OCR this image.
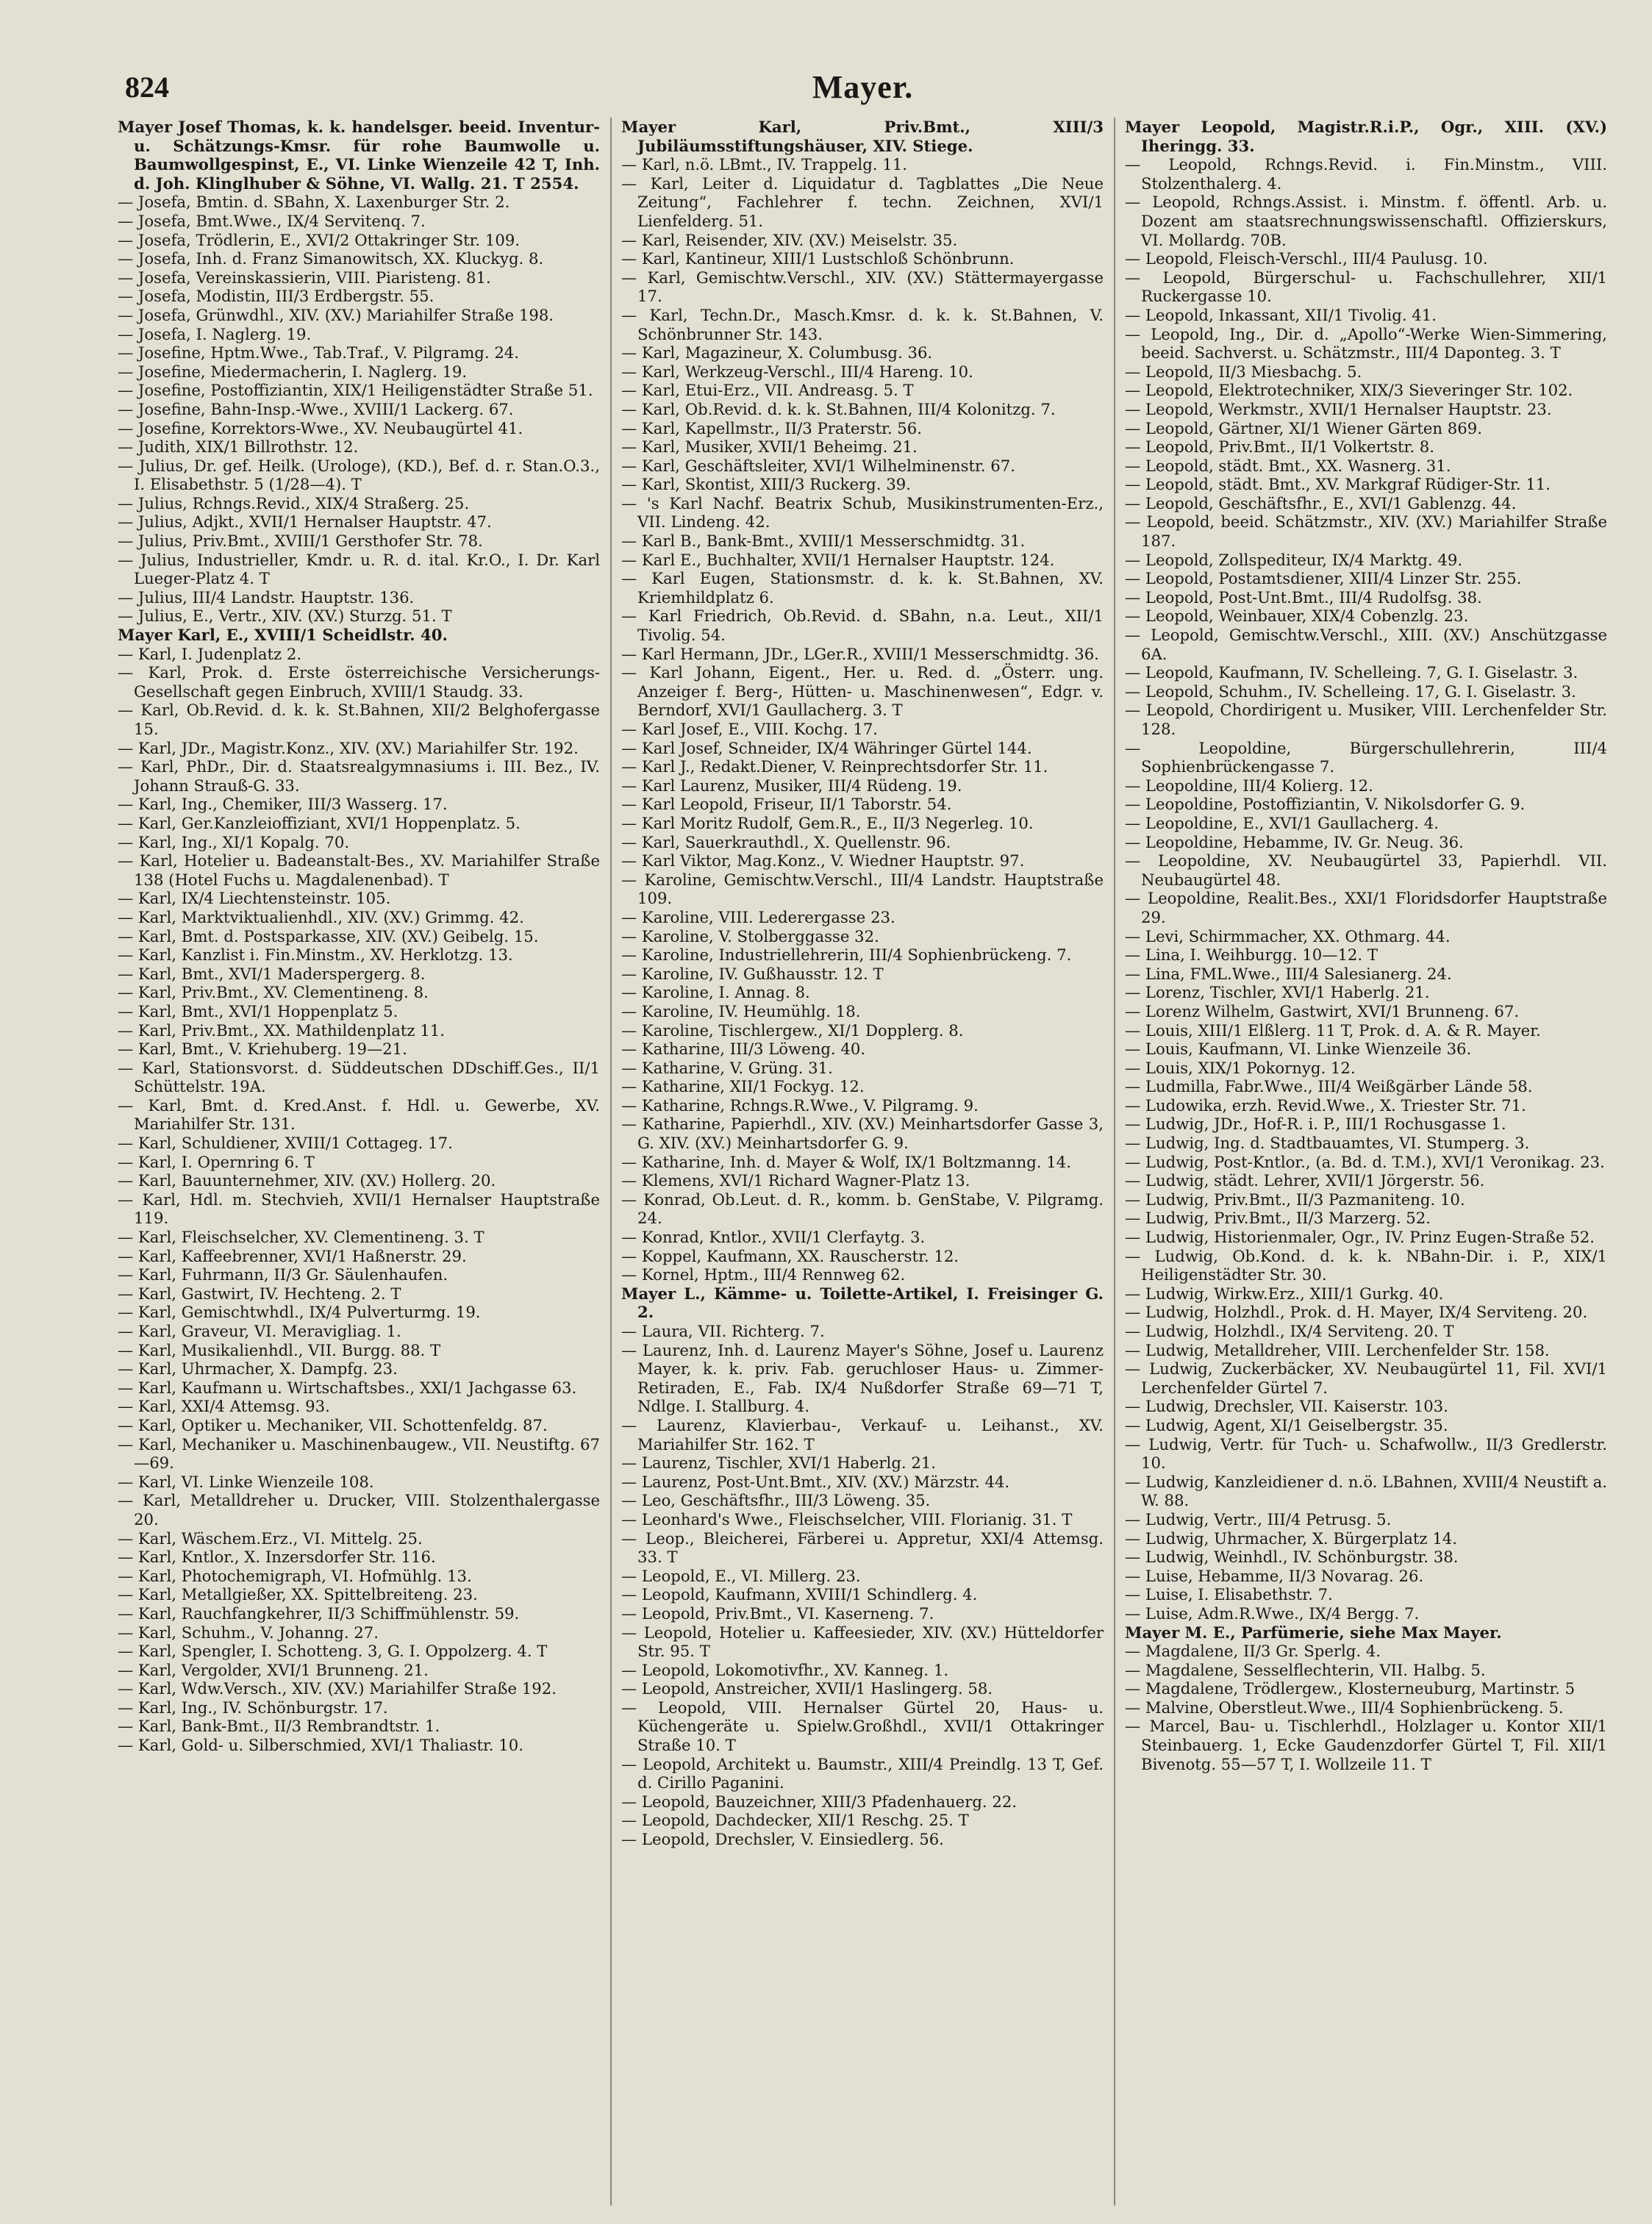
824	Mayer.

Mayer Josef Thomas, k. k. handelsger. beeid. Inventur- u. Schätzungs-Kmsr. für rohe Baumwolle u. Baumwollgespinst, E., VI. Linke Wienzeile 42 T, Inh. d. Joh. Klinglhuber & Söhne, VI. Wallg. 21. T 2554.

— Josefa, Bmtin. d. SBahn, X. Laxenburger Str. 2.

— Josefa, Bmt.Wwe., IX/4 Servitenq. 7.

— Josefa, Trödlerin, E., XVI/2 Ottakringer Str. 109.

— Josefa, Inh. d. Franz Simanowitsch, XX. Kluckyg. 8.

— Josefa, Vereinskassierin, VIII. Piaristeng. 81.

— Josefa, Modistin, III/3 Erdbergstr. 55.

— Josefa, Grünwdhl., XIV. (XV.) Mariahilfer Straße 198.

— Josefa, I. Naglerg. 19.

— Josefine, Hptm.Wwe., Tab.Traf., V. Pilgramg. 24.

— Josefine, Miedermacherin, I. Naglerg. 19.

— Josefine, Postoffiziantin, XIX/1 Heiligenstädter Straße 51.

— Josefine, Bahn-Insp.-Wwe., XVIII/1 Lackerg. 67.

— Josefine, Korrektors-Wwe., XV. Neubaugürtel 41.

— Judith, XIX/1 Billrothstr. 12.

— Julius, Dr. gef. Heilk. (Urologe), (KD.), Bef. d. r. Stan.O.3., I. Elisabethstr. 5 (1/28—4). T

— Julius, Rchngs.Revid., XIX/4 Straßerg. 25.

— Julius, Adjkt., XVII/1 Hernalser Hauptstr. 47.

— Julius, Priv.Bmt., XVIII/1 Gersthofer Str. 78.

— Julius, Industrieller, Kmdr. u. R. d. ital. Kr.O., I. Dr. Karl Lueger-Platz 4. T

— Julius, III/4 Landstr. Hauptstr. 136.

— Julius, E., Vertr., XIV. (XV.) Sturzg. 51. T

Mayer Karl, E., XVIII/1 Scheidlstr. 40.

— Karl, I. Judenplatz 2.

— Karl, Prok. d. Erste österreichische Versicherungs-Gesellschaft gegen Einbruch, XVIII/1 Staudg. 33.

— Karl, Ob.Revid. d. k. k. St.Bahnen, XII/2 Belghofergasse 15.

— Karl, JDr., Magistr.Konz., XIV. (XV.) Mariahilfer Str. 192.

— Karl, PhDr., Dir. d. Staatsrealgymnasiums i. III. Bez., IV. Johann Strauß-G. 33.

— Karl, Ing., Chemiker, III/3 Wasserg. 17.

— Karl, Ger.Kanzleioffiziant, XVI/1 Hoppenplatz. 5.

— Karl, Ing., XI/1 Kopalg. 70.

— Karl, Hotelier u. Badeanstalt-Bes., XV. Mariahilfer Straße 138 (Hotel Fuchs u. Magdalenenbad). T

— Karl, IX/4 Liechtensteinstr. 105.

— Karl, Marktviktualienhdl., XIV. (XV.) Grimmg. 42.

— Karl, Bmt. d. Postsparkasse, XIV. (XV.) Geibelg. 15.

— Karl, Kanzlist i. Fin.Minstm., XV. Herklotzg. 13.

— Karl, Bmt., XVI/1 Maderspergerg. 8.

— Karl, Priv.Bmt., XV. Clementineng. 8.

— Karl, Bmt., XVI/1 Hoppenplatz 5.

— Karl, Priv.Bmt., XX. Mathildenplatz 11.

— Karl, Bmt., V. Kriehuberg. 19—21.

— Karl, Stationsvorst. d. Süddeutschen DDschiff.Ges., II/1 Schüttelstr. 19A.

— Karl, Bmt. d. Kred.Anst. f. Hdl. u. Gewerbe, XV. Mariahilfer Str. 131.

— Karl, Schuldiener, XVIII/1 Cottageg. 17.

— Karl, I. Opernring 6. T

— Karl, Bauunternehmer, XIV. (XV.) Hollerg. 20.

— Karl, Hdl. m. Stechvieh, XVII/1 Hernalser Hauptstraße 119.

— Karl, Fleischselcher, XV. Clementineng. 3. T

— Karl, Kaffeebrenner, XVI/1 Haßnerstr. 29.

— Karl, Fuhrmann, II/3 Gr. Säulenhaufen.

— Karl, Gastwirt, IV. Hechteng. 2. T

— Karl, Gemischtwhdl., IX/4 Pulverturmg. 19.

— Karl, Graveur, VI. Meravigliag. 1.

— Karl, Musikalienhdl., VII. Burgg. 88. T

— Karl, Uhrmacher, X. Dampfg. 23.

— Karl, Kaufmann u. Wirtschaftsbes., XXI/1 Jachgasse 63.

— Karl, XXI/4 Attemsg. 93.

— Karl, Optiker u. Mechaniker, VII. Schottenfeldg. 87.

— Karl, Mechaniker u. Maschinenbaugew., VII. Neustiftg. 67—69.

— Karl, VI. Linke Wienzeile 108.

— Karl, Metalldreher u. Drucker, VIII. Stolzenthalergasse 20.

— Karl, Wäschem.Erz., VI. Mittelg. 25.

— Karl, Kntlor., X. Inzersdorfer Str. 116.

— Karl, Photochemigraph, VI. Hofmühlg. 13.

— Karl, Metallgießer, XX. Spittelbreiteng. 23.

— Karl, Rauchfangkehrer, II/3 Schiffmühlenstr. 59.

— Karl, Schuhm., V. Johanng. 27.

— Karl, Spengler, I. Schotteng. 3, G. I. Oppolzerg. 4. T

— Karl, Vergolder, XVI/1 Brunneng. 21.

— Karl, Wdw.Versch., XIV. (XV.) Mariahilfer Straße 192.

— Karl, Ing., IV. Schönburgstr. 17.

— Karl, Bank-Bmt., II/3 Rembrandtstr. 1.

— Karl, Gold- u. Silberschmied, XVI/1 Thaliastr. 10.

Mayer Karl, Priv.Bmt., XIII/3 Jubiläumsstiftungshäuser, XIV. Stiege.

— Karl, n.ö. LBmt., IV. Trappelg. 11.

— Karl, Leiter d. Liquidatur d. Tagblattes „Die Neue Zeitung“, Fachlehrer f. techn. Zeichnen, XVI/1 Lienfelderg. 51.

— Karl, Reisender, XIV. (XV.) Meiselstr. 35.

— Karl, Kantineur, XIII/1 Lustschloß Schönbrunn.

— Karl, Gemischtw.Verschl., XIV. (XV.) Stättermayergasse 17.

— Karl, Techn.Dr., Masch.Kmsr. d. k. k. St.Bahnen, V. Schönbrunner Str. 143.

— Karl, Magazineur, X. Columbusg. 36.

— Karl, Werkzeug-Verschl., III/4 Hareng. 10.

— Karl, Etui-Erz., VII. Andreasg. 5. T

— Karl, Ob.Revid. d. k. k. St.Bahnen, III/4 Kolonitzg. 7.

— Karl, Kapellmstr., II/3 Praterstr. 56.

— Karl, Musiker, XVII/1 Beheimg. 21.

— Karl, Geschäftsleiter, XVI/1 Wilhelminenstr. 67.

— Karl, Skontist, XIII/3 Ruckerg. 39.

— 's Karl Nachf. Beatrix Schub, Musikinstrumenten-Erz., VII. Lindeng. 42.

— Karl B., Bank-Bmt., XVIII/1 Messerschmidtg. 31.

— Karl E., Buchhalter, XVII/1 Hernalser Hauptstr. 124.

— Karl Eugen, Stationsmstr. d. k. k. St.Bahnen, XV. Kriemhildplatz 6.

— Karl Friedrich, Ob.Revid. d. SBahn, n.a. Leut., XII/1 Tivolig. 54.

— Karl Hermann, JDr., LGer.R., XVIII/1 Messerschmidtg. 36.

— Karl Johann, Eigent., Her. u. Red. d. „Österr. ung. Anzeiger f. Berg-, Hütten- u. Maschinenwesen“, Edgr. v. Berndorf, XVI/1 Gaullacherg. 3. T

— Karl Josef, E., VIII. Kochg. 17.

— Karl Josef, Schneider, IX/4 Währinger Gürtel 144.

— Karl J., Redakt.Diener, V. Reinprechtsdorfer Str. 11.

— Karl Laurenz, Musiker, III/4 Rüdeng. 19.

— Karl Leopold, Friseur, II/1 Taborstr. 54.

— Karl Moritz Rudolf, Gem.R., E., II/3 Negerleg. 10.

— Karl, Sauerkrauthdl., X. Quellenstr. 96.

— Karl Viktor, Mag.Konz., V. Wiedner Hauptstr. 97.

— Karoline, Gemischtw.Verschl., III/4 Landstr. Hauptstraße 109.

— Karoline, VIII. Lederergasse 23.

— Karoline, V. Stolberggasse 32.

— Karoline, Industriellehrerin, III/4 Sophienbrückeng. 7.

— Karoline, IV. Gußhausstr. 12. T

— Karoline, I. Annag. 8.

— Karoline, IV. Heumühlg. 18.

— Karoline, Tischlergew., XI/1 Dopplerg. 8.

— Katharine, III/3 Löweng. 40.

— Katharine, V. Grüng. 31.

— Katharine, XII/1 Fockyg. 12.

— Katharine, Rchngs.R.Wwe., V. Pilgramg. 9.

— Katharine, Papierhdl., XIV. (XV.) Meinhartsdorfer Gasse 3, G. XIV. (XV.) Meinhartsdorfer G. 9.

— Katharine, Inh. d. Mayer & Wolf, IX/1 Boltzmanng. 14.

— Klemens, XVI/1 Richard Wagner-Platz 13.

— Konrad, Ob.Leut. d. R., komm. b. GenStabe, V. Pilgramg. 24.

— Konrad, Kntlor., XVII/1 Clerfaytg. 3.

— Koppel, Kaufmann, XX. Rauscherstr. 12.

— Kornel, Hptm., III/4 Rennweg 62.

Mayer L., Kämme- u. Toilette-Artikel, I. Freisinger G. 2.

— Laura, VII. Richterg. 7.

— Laurenz, Inh. d. Laurenz Mayer's Söhne, Josef u. Laurenz Mayer, k. k. priv. Fab. geruchloser Haus- u. Zimmer-Retiraden, E., Fab. IX/4 Nußdorfer Straße 69—71 T, Ndlge. I. Stallburg. 4.

— Laurenz, Klavierbau-, Verkauf- u. Leihanst., XV. Mariahilfer Str. 162. T

— Laurenz, Tischler, XVI/1 Haberlg. 21.

— Laurenz, Post-Unt.Bmt., XIV. (XV.) Märzstr. 44.

— Leo, Geschäftsfhr., III/3 Löweng. 35.

— Leonhard's Wwe., Fleischselcher, VIII. Florianig. 31. T

— Leop., Bleicherei, Färberei u. Appretur, XXI/4 Attemsg. 33. T

— Leopold, E., VI. Millerg. 23.

— Leopold, Kaufmann, XVIII/1 Schindlerg. 4.

— Leopold, Priv.Bmt., VI. Kaserneng. 7.

— Leopold, Hotelier u. Kaffeesieder, XIV. (XV.) Hütteldorfer Str. 95. T

— Leopold, Lokomotivfhr., XV. Kanneg. 1.

— Leopold, Anstreicher, XVII/1 Haslingerg. 58.

— Leopold, VIII. Hernalser Gürtel 20, Haus- u. Küchengeräte u. Spielw.Großhdl., XVII/1 Ottakringer Straße 10. T

— Leopold, Architekt u. Baumstr., XIII/4 Preindlg. 13 T, Gef. d. Cirillo Paganini.

— Leopold, Bauzeichner, XIII/3 Pfadenhauerg. 22.

— Leopold, Dachdecker, XII/1 Reschg. 25. T

— Leopold, Drechsler, V. Einsiedlerg. 56.

Mayer Leopold, Magistr.R.i.P., Ogr., XIII. (XV.) Iheringg. 33.

— Leopold, Rchngs.Revid. i. Fin.Minstm., VIII. Stolzenthalerg. 4.

— Leopold, Rchngs.Assist. i. Minstm. f. öffentl. Arb. u. Dozent am staatsrechnungswissenschaftl. Offizierskurs, VI. Mollardg. 70B.

— Leopold, Fleisch-Verschl., III/4 Paulusg. 10.

— Leopold, Bürgerschul- u. Fachschullehrer, XII/1 Ruckergasse 10.

— Leopold, Inkassant, XII/1 Tivolig. 41.

— Leopold, Ing., Dir. d. „Apollo“-Werke Wien-Simmering, beeid. Sachverst. u. Schätzmstr., III/4 Daponteg. 3. T

— Leopold, II/3 Miesbachg. 5.

— Leopold, Elektrotechniker, XIX/3 Sieveringer Str. 102.

— Leopold, Werkmstr., XVII/1 Hernalser Hauptstr. 23.

— Leopold, Gärtner, XI/1 Wiener Gärten 869.

— Leopold, Priv.Bmt., II/1 Volkertstr. 8.

— Leopold, städt. Bmt., XX. Wasnerg. 31.

— Leopold, städt. Bmt., XV. Markgraf Rüdiger-Str. 11.

— Leopold, Geschäftsfhr., E., XVI/1 Gablenzg. 44.

— Leopold, beeid. Schätzmstr., XIV. (XV.) Mariahilfer Straße 187.

— Leopold, Zollspediteur, IX/4 Marktg. 49.

— Leopold, Postamtsdiener, XIII/4 Linzer Str. 255.

— Leopold, Post-Unt.Bmt., III/4 Rudolfsg. 38.

— Leopold, Weinbauer, XIX/4 Cobenzlg. 23.

— Leopold, Gemischtw.Verschl., XIII. (XV.) Anschützgasse 6A.

— Leopold, Kaufmann, IV. Schelleing. 7, G. I. Giselastr. 3.

— Leopold, Schuhm., IV. Schelleing. 17, G. I. Giselastr. 3.

— Leopold, Chordirigent u. Musiker, VIII. Lerchenfelder Str. 128.

— Leopoldine, Bürgerschullehrerin, III/4 Sophienbrückengasse 7.

— Leopoldine, III/4 Kolierg. 12.

— Leopoldine, Postoffiziantin, V. Nikolsdorfer G. 9.

— Leopoldine, E., XVI/1 Gaullacherg. 4.

— Leopoldine, Hebamme, IV. Gr. Neug. 36.

— Leopoldine, XV. Neubaugürtel 33, Papierhdl. VII. Neubaugürtel 48.

— Leopoldine, Realit.Bes., XXI/1 Floridsdorfer Hauptstraße 29.

— Levi, Schirmmacher, XX. Othmarg. 44.

— Lina, I. Weihburgg. 10—12. T

— Lina, FML.Wwe., III/4 Salesianerg. 24.

— Lorenz, Tischler, XVI/1 Haberlg. 21.

— Lorenz Wilhelm, Gastwirt, XVI/1 Brunneng. 67.

— Louis, XIII/1 Elßlerg. 11 T, Prok. d. A. & R. Mayer.

— Louis, Kaufmann, VI. Linke Wienzeile 36.

— Louis, XIX/1 Pokornyg. 12.

— Ludmilla, Fabr.Wwe., III/4 Weißgärber Lände 58.

— Ludowika, erzh. Revid.Wwe., X. Triester Str. 71.

— Ludwig, JDr., Hof-R. i. P., III/1 Rochusgasse 1.

— Ludwig, Ing. d. Stadtbauamtes, VI. Stumperg. 3.

— Ludwig, Post-Kntlor., (a. Bd. d. T.M.), XVI/1 Veronikag. 23.

— Ludwig, städt. Lehrer, XVII/1 Jörgerstr. 56.

— Ludwig, Priv.Bmt., II/3 Pazmaniteng. 10.

— Ludwig, Priv.Bmt., II/3 Marzerg. 52.

— Ludwig, Historienmaler, Ogr., IV. Prinz Eugen-Straße 52.

— Ludwig, Ob.Kond. d. k. k. NBahn-Dir. i. P., XIX/1 Heiligenstädter Str. 30.

— Ludwig, Wirkw.Erz., XIII/1 Gurkg. 40.

— Ludwig, Holzhdl., Prok. d. H. Mayer, IX/4 Serviteng. 20.

— Ludwig, Holzhdl., IX/4 Serviteng. 20. T

— Ludwig, Metalldreher, VIII. Lerchenfelder Str. 158.

— Ludwig, Zuckerbäcker, XV. Neubaugürtel 11, Fil. XVI/1 Lerchenfelder Gürtel 7.

— Ludwig, Drechsler, VII. Kaiserstr. 103.

— Ludwig, Agent, XI/1 Geiselbergstr. 35.

— Ludwig, Vertr. für Tuch- u. Schafwollw., II/3 Gredlerstr. 10.

— Ludwig, Kanzleidiener d. n.ö. LBahnen, XVIII/4 Neustift a. W. 88.

— Ludwig, Vertr., III/4 Petrusg. 5.

— Ludwig, Uhrmacher, X. Bürgerplatz 14.

— Ludwig, Weinhdl., IV. Schönburgstr. 38.

— Luise, Hebamme, II/3 Novarag. 26.

— Luise, I. Elisabethstr. 7.

— Luise, Adm.R.Wwe., IX/4 Bergg. 7.

Mayer M. E., Parfümerie, siehe Max Mayer.

— Magdalene, II/3 Gr. Sperlg. 4.

— Magdalene, Sesselflechterin, VII. Halbg. 5.

— Magdalene, Trödlergew., Klosterneuburg, Martinstr. 5

— Malvine, Oberstleut.Wwe., III/4 Sophienbrückeng. 5.

— Marcel, Bau- u. Tischlerhdl., Holzlager u. Kontor XII/1 Steinbauerg. 1, Ecke Gaudenzdorfer Gürtel T, Fil. XII/1 Bivenotg. 55—57 T, I. Wollzeile 11. T
